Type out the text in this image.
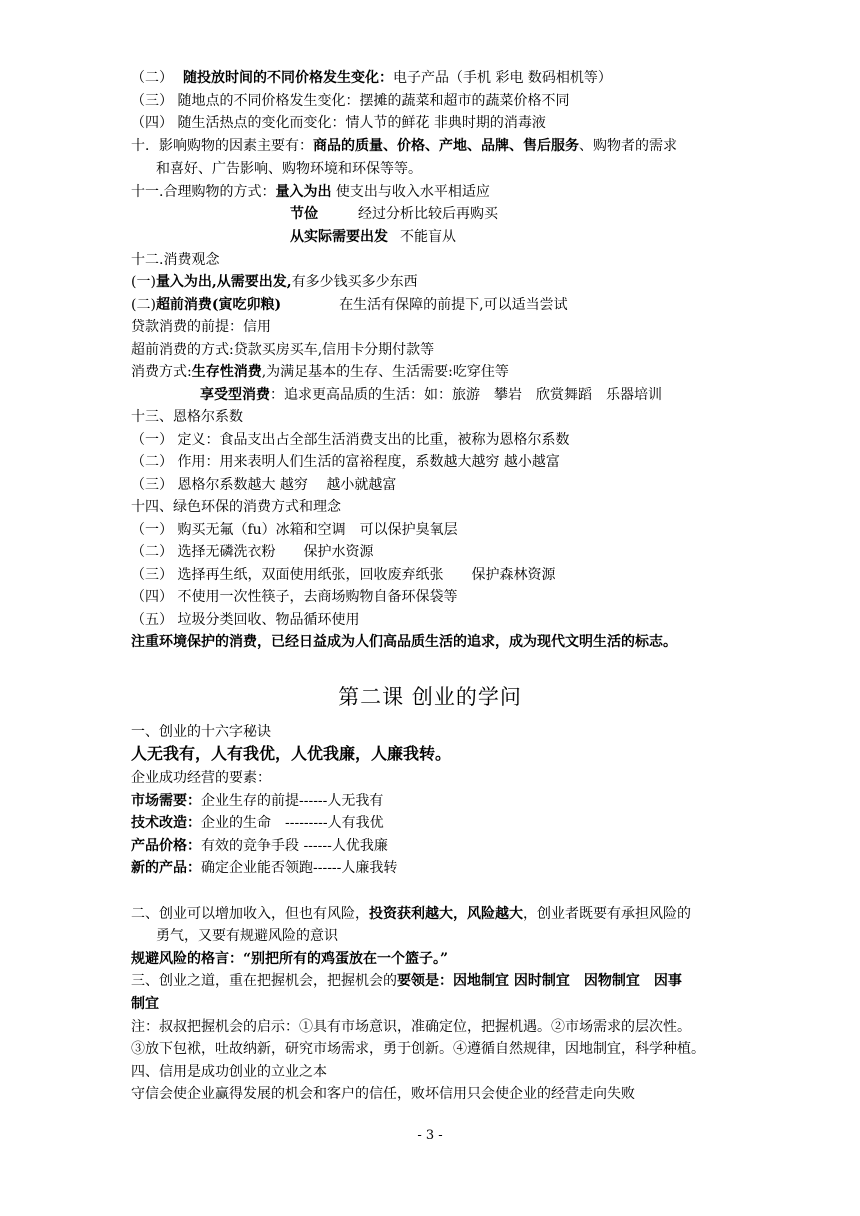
（二） 随投放时间的不同价格发生变化：电子产品（手机 彩电 数码相机等）
（三） 随地点的不同价格发生变化：摆摊的蔬菜和超市的蔬菜价格不同
（四） 随生活热点的变化而变化：情人节的鲜花 非典时期的消毒液
十．影响购物的因素主要有：商品的质量、价格、产地、品牌、售后服务、购物者的需求
和喜好、广告影响、购物环境和环保等等。
十一.合理购物的方式：量入为出 使支出与收入水平相适应
节俭	经过分析比较后再购买
从实际需要出发 不能盲从
十二.消费观念
(一)量入为出,从需要出发,有多少钱买多少东西
(二)超前消费(寅吃卯粮)	在生活有保障的前提下,可以适当尝试
贷款消费的前提：信用
超前消费的方式:贷款买房买车,信用卡分期付款等
消费方式:生存性消费,为满足基本的生存、生活需要:吃穿住等
享受型消费：追求更高品质的生活：如：旅游　攀岩　欣赏舞蹈　乐器培训
十三、恩格尔系数
（一） 定义：食品支出占全部生活消费支出的比重，被称为恩格尔系数
（二） 作用：用来表明人们生活的富裕程度，系数越大越穷 越小越富
（三） 恩格尔系数越大 越穷　 越小就越富
十四、绿色环保的消费方式和理念
（一） 购买无氟（fu）冰箱和空调　可以保护臭氧层
（二） 选择无磷洗衣粉　　保护水资源
（三） 选择再生纸，双面使用纸张，回收废弃纸张　　保护森林资源
（四） 不使用一次性筷子，去商场购物自备环保袋等
（五） 垃圾分类回收、物品循环使用
注重环境保护的消费，已经日益成为人们高品质生活的追求，成为现代文明生活的标志。
第二课 创业的学问
一、创业的十六字秘诀
人无我有，人有我优，人优我廉，人廉我转。
企业成功经营的要素：
市场需要：企业生存的前提------人无我有
技术改造：企业的生命　---------人有我优
产品价格：有效的竞争手段 ------人优我廉
新的产品：确定企业能否领跑------人廉我转
二、创业可以增加收入，但也有风险，投资获利越大，风险越大，创业者既要有承担风险的
勇气，又要有规避风险的意识
规避风险的格言：“别把所有的鸡蛋放在一个篮子。”
三、创业之道，重在把握机会，把握机会的要领是：因地制宜 因时制宜　因物制宜　因事
制宜
注：叔叔把握机会的启示：①具有市场意识，准确定位，把握机遇。②市场需求的层次性。
③放下包袱，吐故纳新，研究市场需求，勇于创新。④遵循自然规律，因地制宜，科学种植。
四、信用是成功创业的立业之本
守信会使企业赢得发展的机会和客户的信任，败坏信用只会使企业的经营走向失败
- 3 -
